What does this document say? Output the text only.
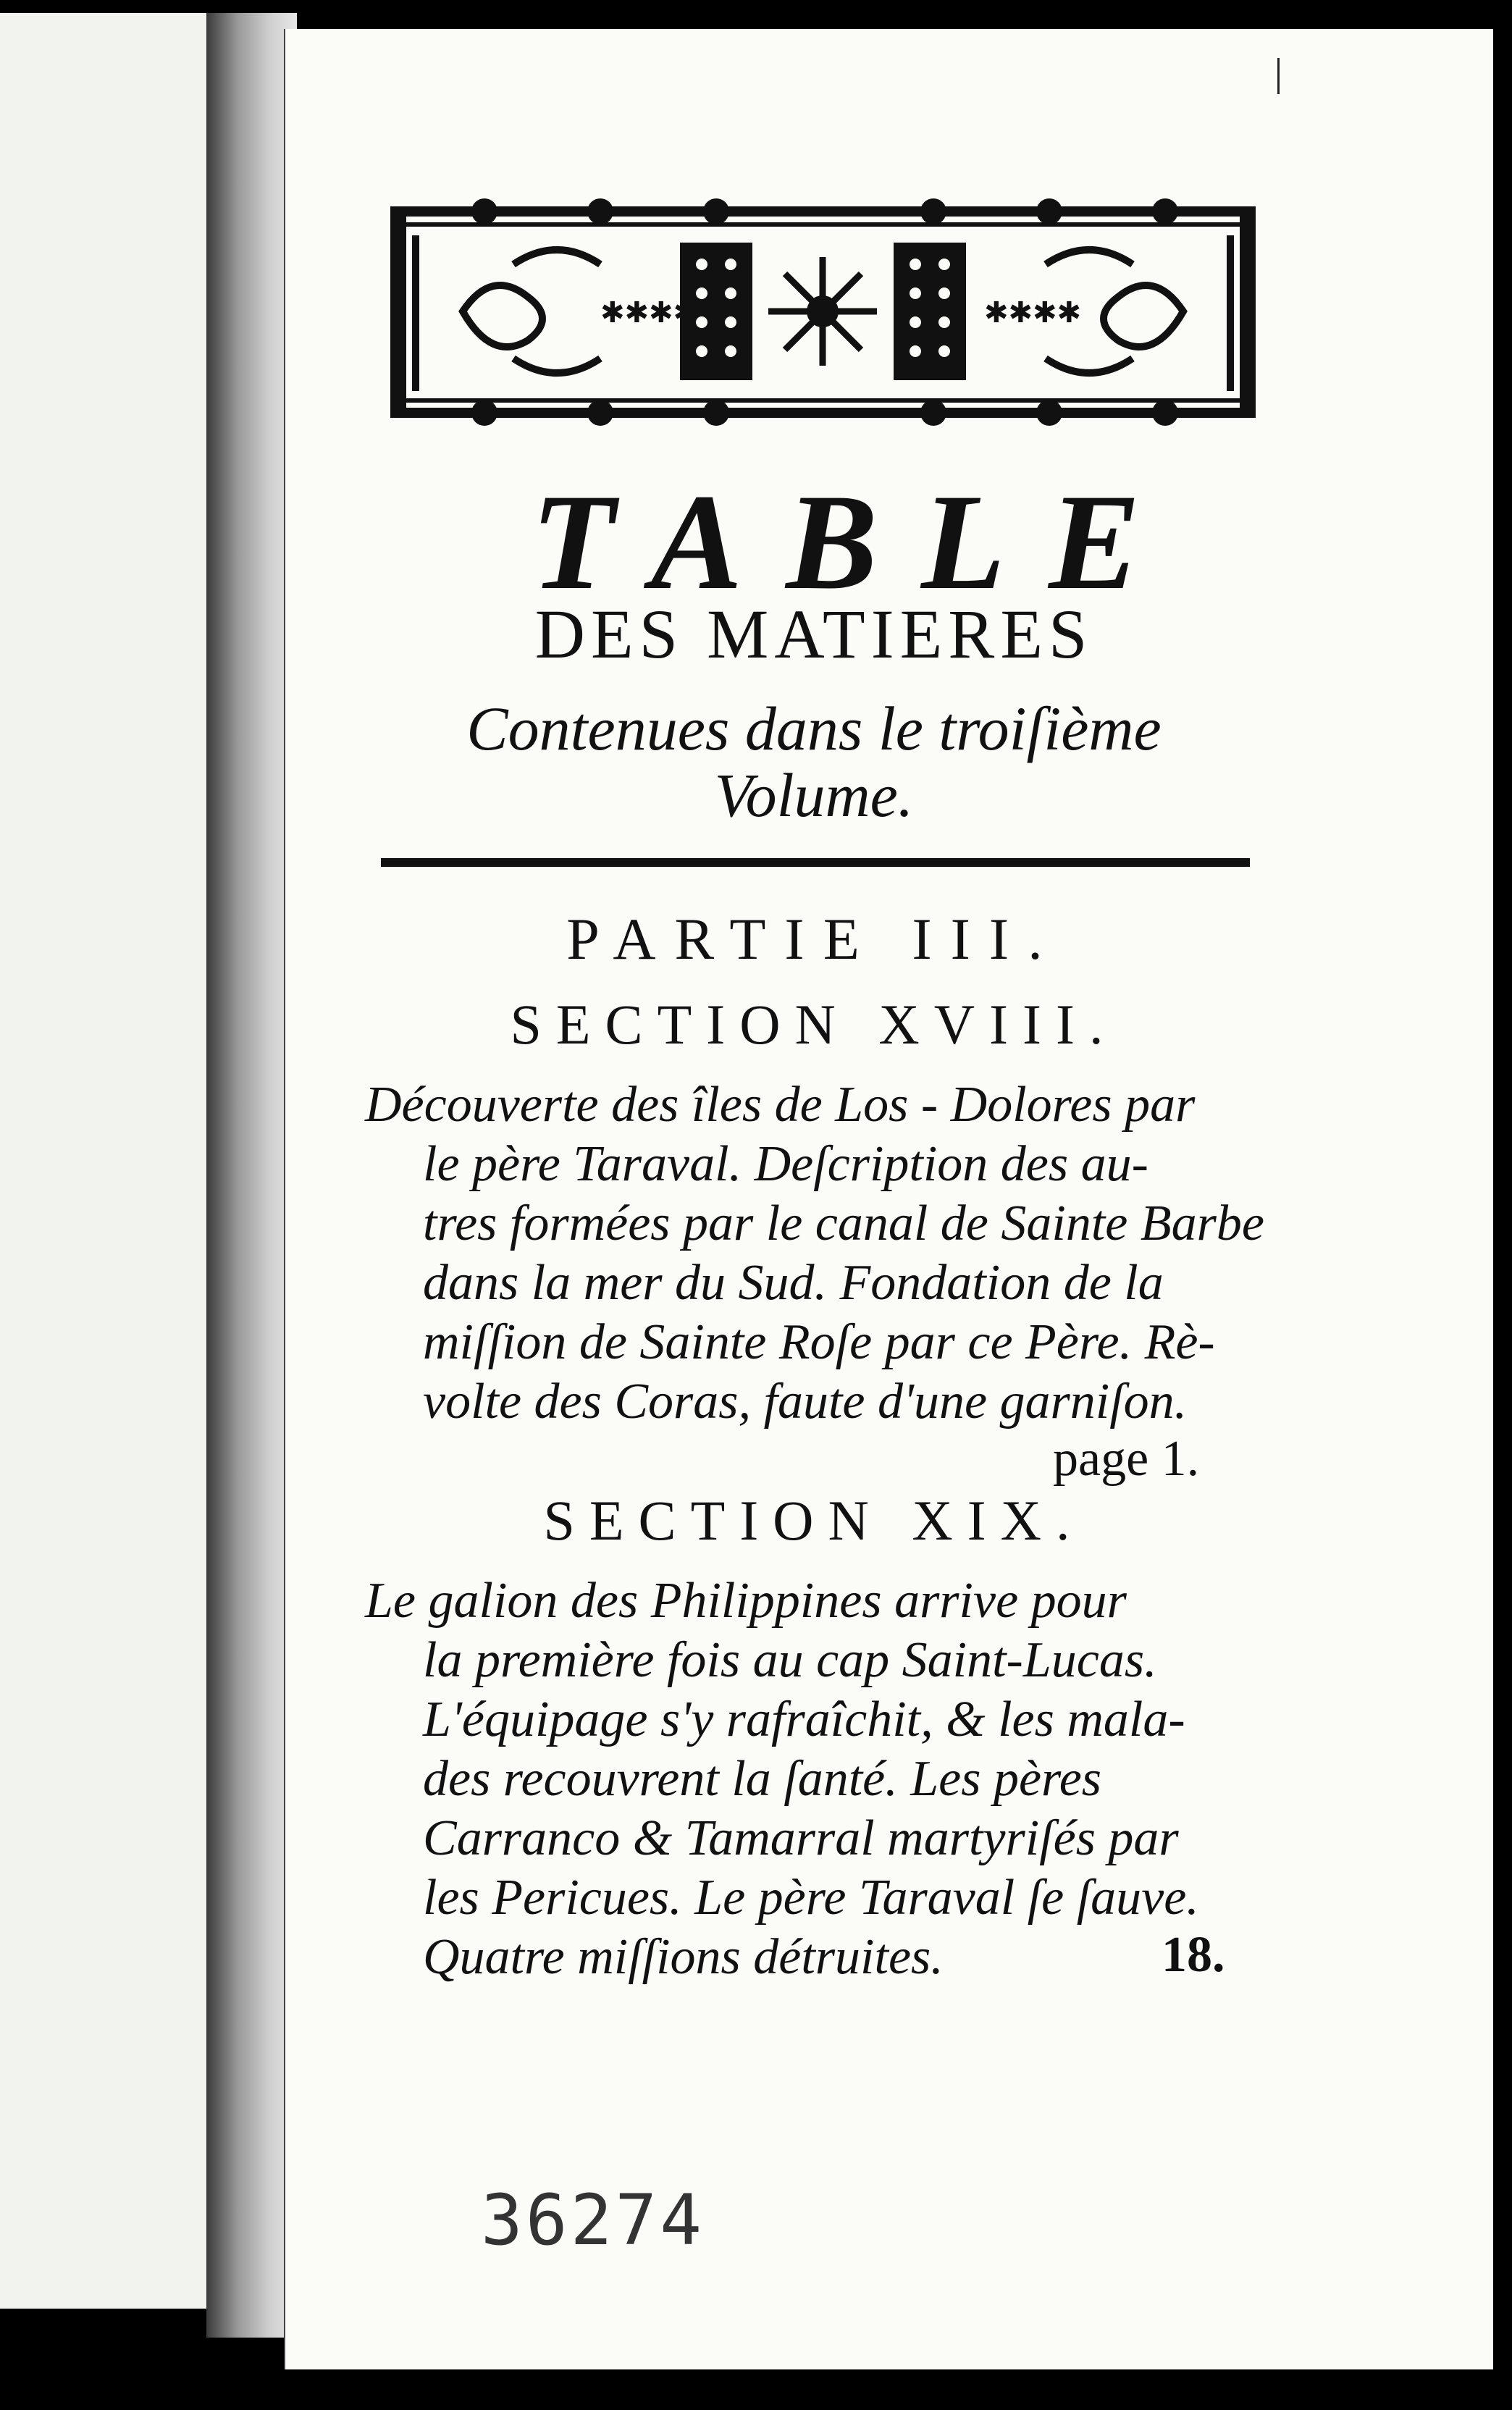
✱✱✱✱	✱✱✱✱
TABLE
DES MATIERES
Contenues dans le troiſième
Volume.
PARTIE III.
SECTION XVIII.
Découverte des îles de Los - Dolores par
le père Taraval. Deſcription des au-
tres formées par le canal de Sainte Barbe
dans la mer du Sud. Fondation de la
miſſion de Sainte Roſe par ce Père. Rè-
volte des Coras, faute d'une garniſon.
page 1.
SECTION XIX.
Le galion des Philippines arrive pour
la première fois au cap Saint-Lucas.
L'équipage s'y rafraîchit, & les mala-
des recouvrent la ſanté. Les pères
Carranco & Tamarral martyriſés par
les Pericues. Le père Taraval ſe ſauve.
Quatre miſſions détruites.	18.
36274
